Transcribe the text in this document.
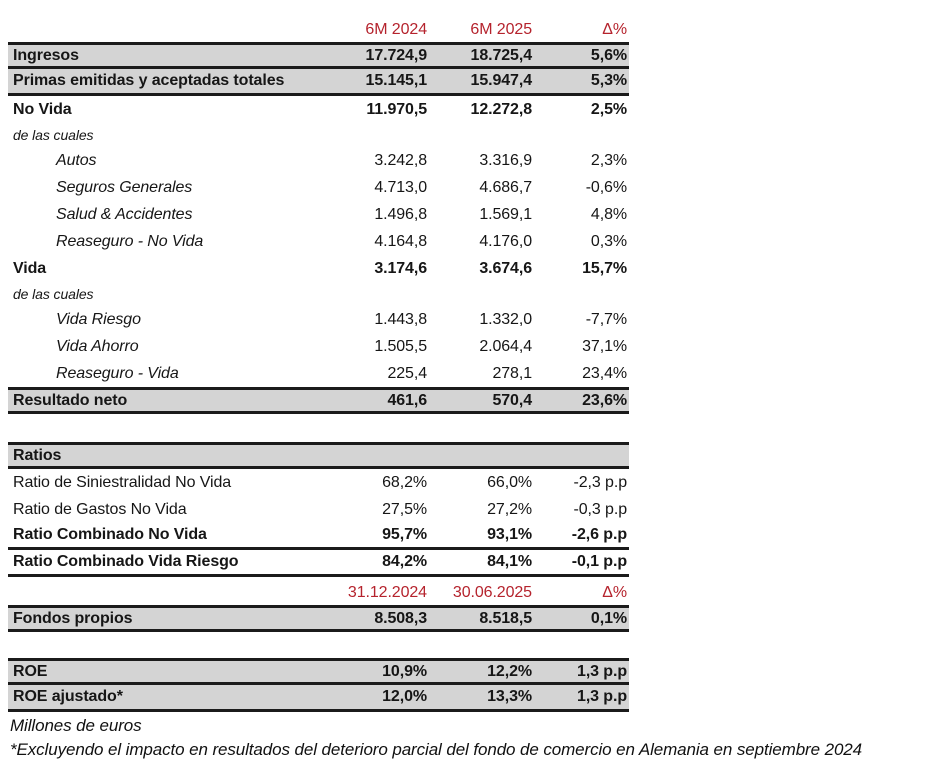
6M 2024	6M 2025	Δ%
Ingresos	17.724,9	18.725,4	5,6%
Primas emitidas y aceptadas totales	15.145,1	15.947,4	5,3%
No Vida	11.970,5	12.272,8	2,5%
de las cuales
Autos	3.242,8	3.316,9	2,3%
Seguros Generales	4.713,0	4.686,7	-0,6%
Salud & Accidentes	1.496,8	1.569,1	4,8%
Reaseguro - No Vida	4.164,8	4.176,0	0,3%
Vida	3.174,6	3.674,6	15,7%
de las cuales
Vida Riesgo	1.443,8	1.332,0	-7,7%
Vida Ahorro	1.505,5	2.064,4	37,1%
Reaseguro - Vida	225,4	278,1	23,4%
Resultado neto	461,6	570,4	23,6%
Ratios
Ratio de Siniestralidad No Vida	68,2%	66,0%	-2,3 p.p
Ratio de Gastos No Vida	27,5%	27,2%	-0,3 p.p
Ratio Combinado No Vida	95,7%	93,1%	-2,6 p.p
Ratio Combinado Vida Riesgo	84,2%	84,1%	-0,1 p.p
31.12.2024	30.06.2025	Δ%
Fondos propios	8.508,3	8.518,5	0,1%
ROE	10,9%	12,2%	1,3 p.p
ROE ajustado*	12,0%	13,3%	1,3 p.p
Millones de euros
*Excluyendo el impacto en resultados del deterioro parcial del fondo de comercio en Alemania en septiembre 2024
